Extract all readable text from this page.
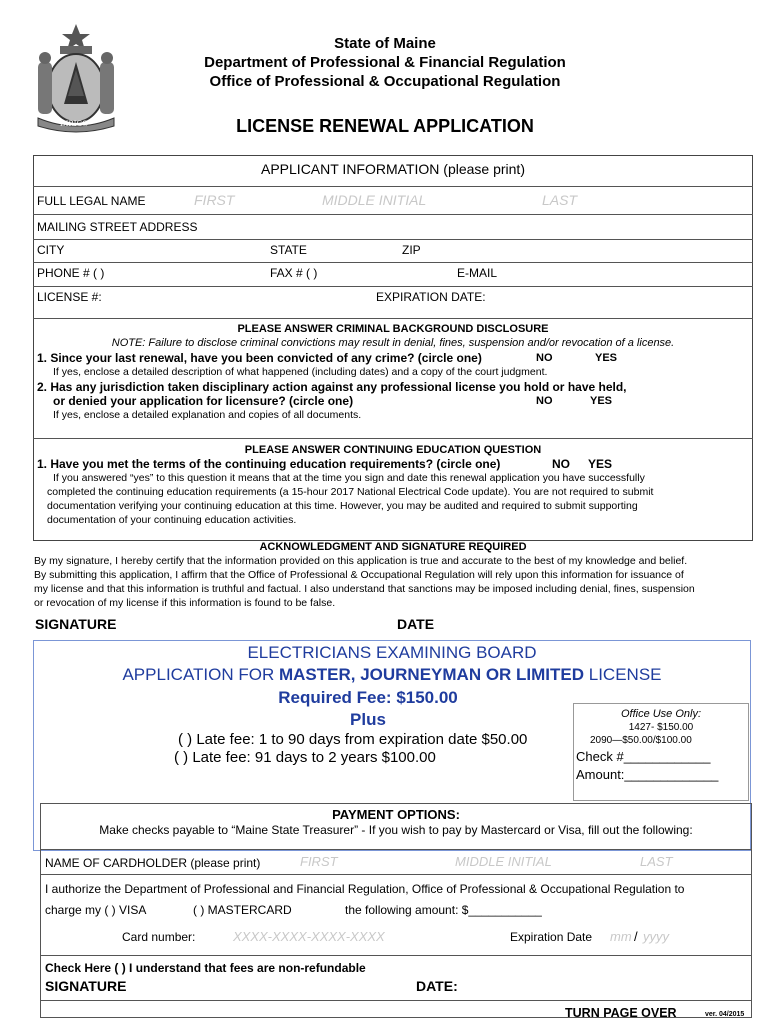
DIRIGO
State of Maine
Department of Professional & Financial Regulation
Office of Professional & Occupational Regulation
LICENSE RENEWAL APPLICATION
APPLICANT INFORMATION (please print)
FULL LEGAL NAME	FIRST	MIDDLE INITIAL	LAST
MAILING STREET ADDRESS
CITY	STATE	ZIP
PHONE # ( )	FAX # ( )	E-MAIL
LICENSE #:	EXPIRATION DATE:
PLEASE ANSWER CRIMINAL BACKGROUND DISCLOSURE
NOTE: Failure to disclose criminal convictions may result in denial, fines, suspension and/or revocation of a license.
1. Since your last renewal, have you been convicted of any crime? (circle one)	NO	YES
If yes, enclose a detailed description of what happened (including dates) and a copy of the court judgment.
2. Has any jurisdiction taken disciplinary action against any professional license you hold or have held,
or denied your application for licensure? (circle one)	NO	YES
If yes, enclose a detailed explanation and copies of all documents.
PLEASE ANSWER CONTINUING EDUCATION QUESTION
1. Have you met the terms of the continuing education requirements? (circle one)	NO YES
If you answered “yes” to this question it means that at the time you sign and date this renewal application you have successfully
completed the continuing education requirements (a 15-hour 2017 National Electrical Code update). You are not required to submit
documentation verifying your continuing education at this time. However, you may be audited and required to submit supporting
documentation of your continuing education activities.
ACKNOWLEDGMENT AND SIGNATURE REQUIRED
By my signature, I hereby certify that the information provided on this application is true and accurate to the best of my knowledge and belief.
By submitting this application, I affirm that the Office of Professional & Occupational Regulation will rely upon this information for issuance of
my license and that this information is truthful and factual. I also understand that sanctions may be imposed including denial, fines, suspension
or revocation of my license if this information is found to be false.
SIGNATURE	DATE
ELECTRICIANS EXAMINING BOARD
APPLICATION FOR MASTER, JOURNEYMAN OR LIMITED LICENSE
Required Fee: $150.00
Plus
( ) Late fee: 1 to 90 days from expiration date $50.00
( ) Late fee: 91 days to 2 years $100.00
Office Use Only:
1427- $150.00
2090—$50.00/$100.00
Check #____________
Amount:_____________
PAYMENT OPTIONS:
Make checks payable to “Maine State Treasurer” - If you wish to pay by Mastercard or Visa, fill out the following:
NAME OF CARDHOLDER (please print)	FIRST	MIDDLE INITIAL	LAST
I authorize the Department of Professional and Financial Regulation, Office of Professional & Occupational Regulation to
charge my ( ) VISA	( ) MASTERCARD	the following amount: $___________
Card number:	XXXX-XXXX-XXXX-XXXX	Expiration Date mm / yyyy
Check Here ( ) I understand that fees are non-refundable
SIGNATURE	DATE:
TURN PAGE OVER	ver. 04/2015
